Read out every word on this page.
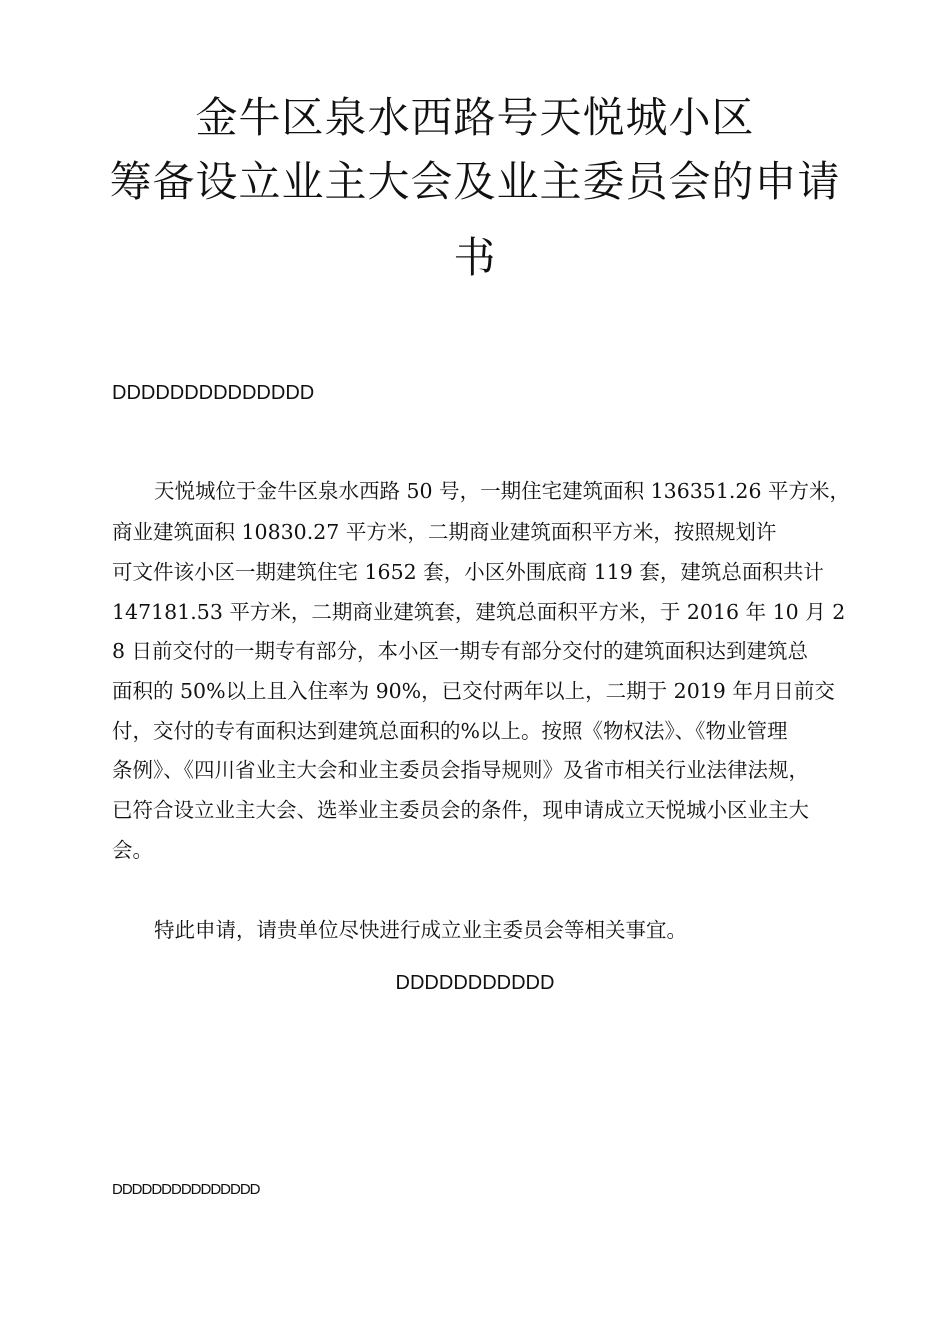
金牛区泉水西路号天悦城小区
筹备设立业主大会及业主委员会的申请
书
DDDDDDDDDDDDDD
天悦城位于金牛区泉水西路 50 号，一期住宅建筑面积 136351.26 平方米，
商业建筑面积 10830.27 平方米，二期商业建筑面积平方米，按照规划许
可文件该小区一期建筑住宅 1652 套，小区外围底商 119 套，建筑总面积共计
147181.53 平方米，二期商业建筑套，建筑总面积平方米，于 2016 年 10 月 2
8 日前交付的一期专有部分，本小区一期专有部分交付的建筑面积达到建筑总
面积的 50%以上且入住率为 90%，已交付两年以上，二期于 2019 年月日前交
付，交付的专有面积达到建筑总面积的%以上。按照《物权法》、《物业管理
条例》、《四川省业主大会和业主委员会指导规则》及省市相关行业法律法规，
已符合设立业主大会、选举业主委员会的条件，现申请成立天悦城小区业主大
会。
特此申请，请贵单位尽快进行成立业主委员会等相关事宜。
DDDDDDDDDDD
DDDDDDDDDDDDDDD
